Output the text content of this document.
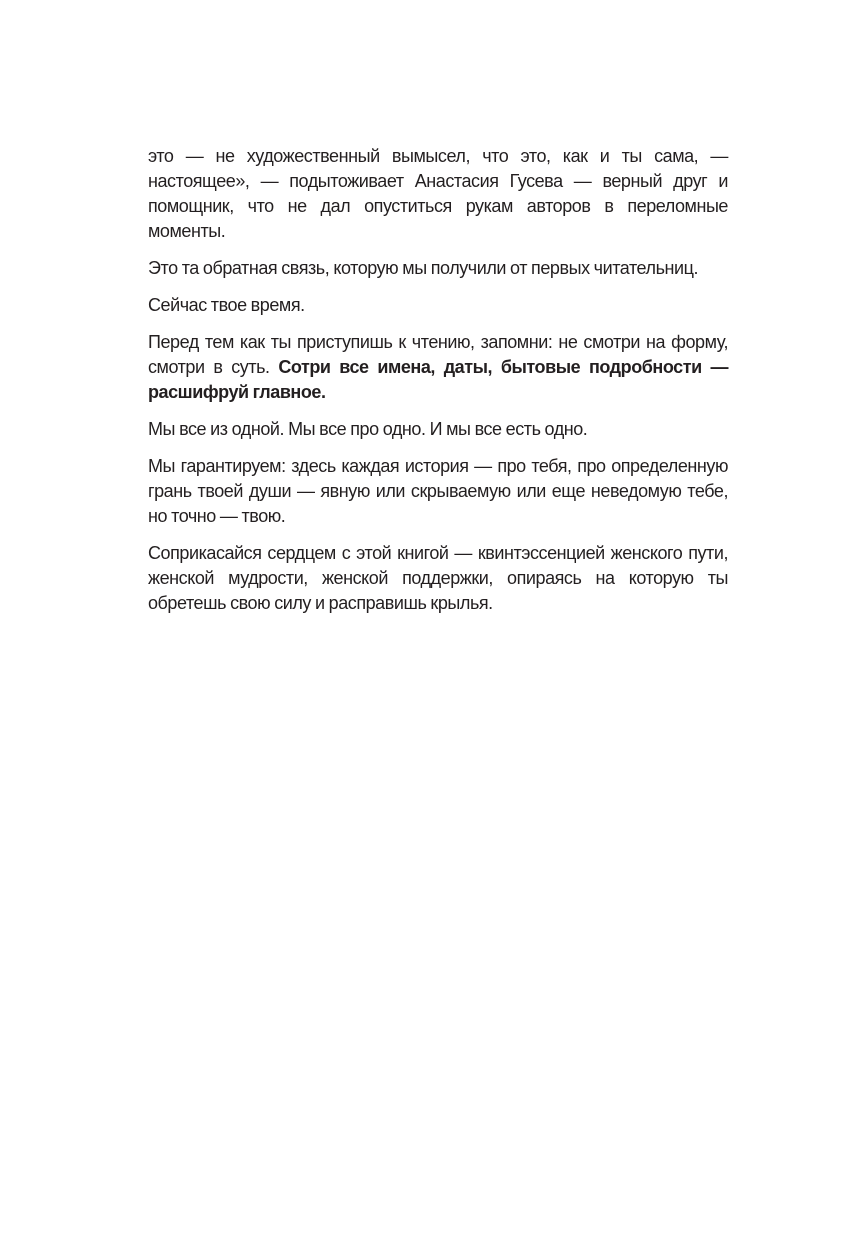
это — не художественный вымысел, что это, как и ты сама, — настоящее», — подытоживает Анастасия Гусева — верный друг и помощник, что не дал опуститься рукам авторов в переломные моменты.

Это та обратная связь, которую мы получили от первых читательниц.

Сейчас твое время.

Перед тем как ты приступишь к чтению, запомни: не смотри на форму, смотри в суть. Сотри все имена, даты, бытовые подробности — расшифруй главное.

Мы все из одной. Мы все про одно. И мы все есть одно.

Мы гарантируем: здесь каждая история — про тебя, про определенную грань твоей души — явную или скрываемую или еще неведомую тебе, но точно — твою.

Соприкасайся сердцем с этой книгой — квинтэссенцией женского пути, женской мудрости, женской поддержки, опираясь на которую ты обретешь свою силу и расправишь крылья.
